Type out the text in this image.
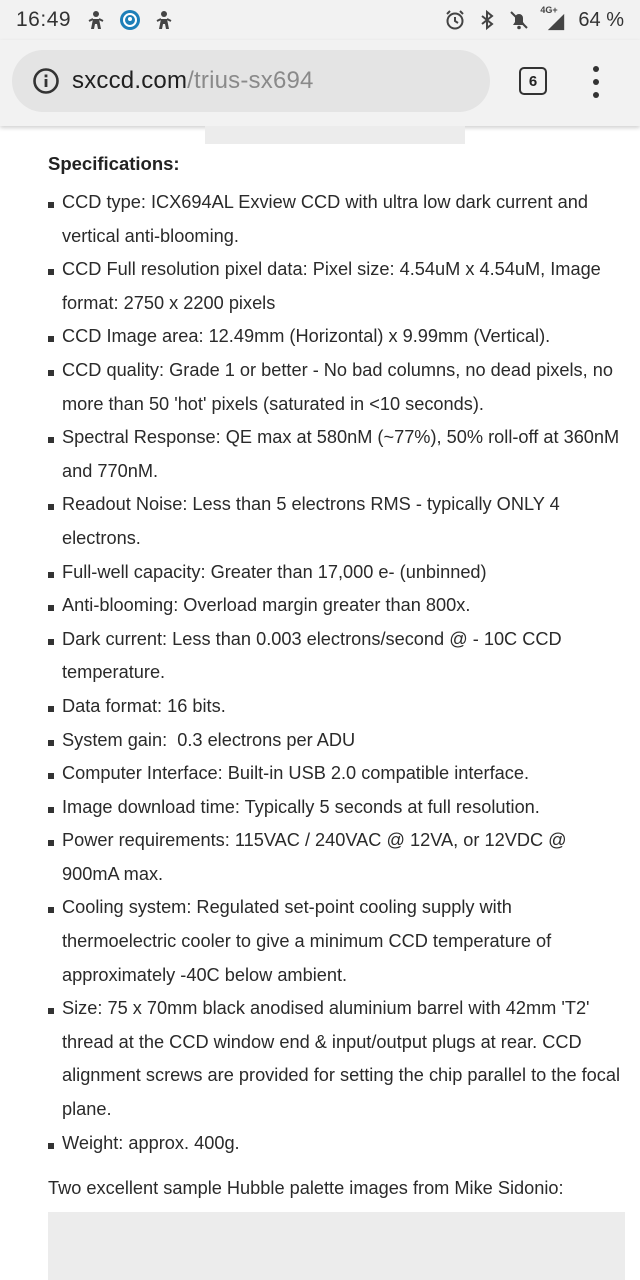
16:49	4G+ 64 %
sxccd.com/trius-sx694	6
Specifications:
CCD type: ICX694AL Exview CCD with ultra low dark current and vertical anti-blooming.
CCD Full resolution pixel data: Pixel size: 4.54uM x 4.54uM, Image format: 2750 x 2200 pixels
CCD Image area: 12.49mm (Horizontal) x 9.99mm (Vertical).
CCD quality: Grade 1 or better - No bad columns, no dead pixels, no more than 50 'hot' pixels (saturated in <10 seconds).
Spectral Response: QE max at 580nM (~77%), 50% roll-off at 360nM and 770nM.
Readout Noise: Less than 5 electrons RMS - typically ONLY 4 electrons.
Full-well capacity: Greater than 17,000 e- (unbinned)
Anti-blooming: Overload margin greater than 800x.
Dark current: Less than 0.003 electrons/second @ - 10C CCD temperature.
Data format: 16 bits.
System gain:  0.3 electrons per ADU
Computer Interface: Built-in USB 2.0 compatible interface.
Image download time: Typically 5 seconds at full resolution.
Power requirements: 115VAC / 240VAC @ 12VA, or 12VDC @ 900mA max.
Cooling system: Regulated set-point cooling supply with thermoelectric cooler to give a minimum CCD temperature of approximately -40C below ambient.
Size: 75 x 70mm black anodised aluminium barrel with 42mm 'T2' thread at the CCD window end & input/output plugs at rear. CCD alignment screws are provided for setting the chip parallel to the focal plane.
Weight: approx. 400g.
Two excellent sample Hubble palette images from Mike Sidonio:
